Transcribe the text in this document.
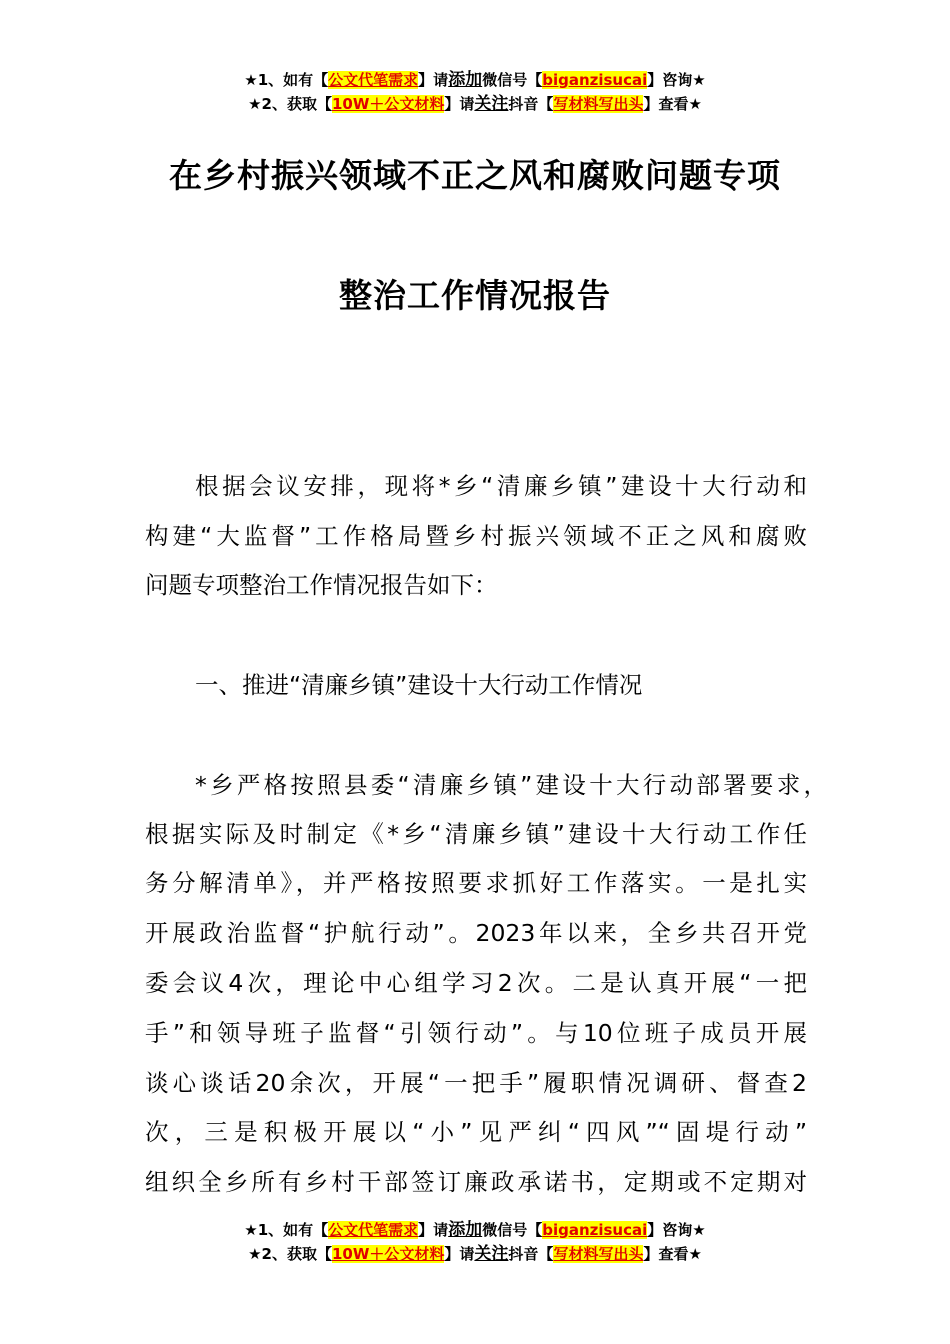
★1、如有【公文代笔需求】请添加微信号【biganzisucai】咨询★
★2、获取【10W＋公文材料】请关注抖音【写材料写出头】查看★
在乡村振兴领域不正之风和腐败问题专项
整治工作情况报告
根据会议安排，现将*乡“清廉乡镇”建设十大行动和
构建“大监督”工作格局暨乡村振兴领域不正之风和腐败
问题专项整治工作情况报告如下：
一、推进“清廉乡镇”建设十大行动工作情况
*乡严格按照县委“清廉乡镇”建设十大行动部署要求，
根据实际及时制定《*乡“清廉乡镇”建设十大行动工作任
务分解清单》，并严格按照要求抓好工作落实。一是扎实
开展政治监督“护航行动”。2023年以来，全乡共召开党
委会议4次，理论中心组学习2次。二是认真开展“一把
手”和领导班子监督“引领行动”。与10位班子成员开展
谈心谈话20余次，开展“一把手”履职情况调研、督查2
次，三是积极开展以“小”见严纠“四风”“固堤行动”
组织全乡所有乡村干部签订廉政承诺书，定期或不定期对
★1、如有【公文代笔需求】请添加微信号【biganzisucai】咨询★
★2、获取【10W＋公文材料】请关注抖音【写材料写出头】查看★
